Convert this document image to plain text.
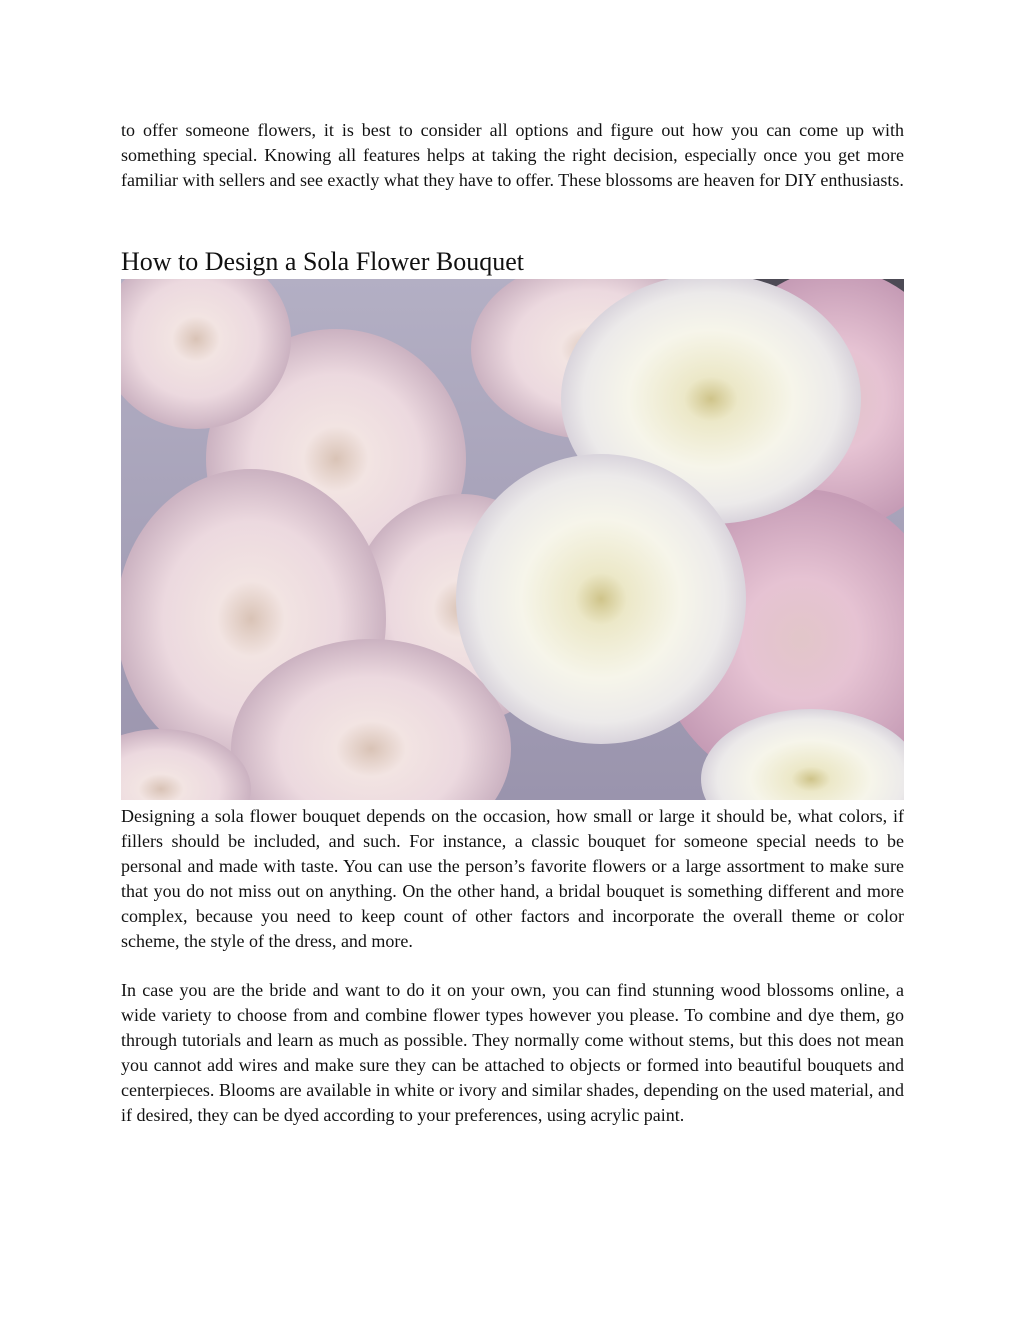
to offer someone flowers, it is best to consider all options and figure out how you can come up with something special. Knowing all features helps at taking the right decision, especially once you get more familiar with sellers and see exactly what they have to offer. These blossoms are heaven for DIY enthusiasts.

How to Design a Sola Flower Bouquet

Designing a sola flower bouquet depends on the occasion, how small or large it should be, what colors, if fillers should be included, and such. For instance, a classic bouquet for someone special needs to be personal and made with taste. You can use the person’s favorite flowers or a large assortment to make sure that you do not miss out on anything. On the other hand, a bridal bouquet is something different and more complex, because you need to keep count of other factors and incorporate the overall theme or color scheme, the style of the dress, and more.

In case you are the bride and want to do it on your own, you can find stunning wood blossoms online, a wide variety to choose from and combine flower types however you please. To combine and dye them, go through tutorials and learn as much as possible. They normally come without stems, but this does not mean you cannot add wires and make sure they can be attached to objects or formed into beautiful bouquets and centerpieces. Blooms are available in white or ivory and similar shades, depending on the used material, and if desired, they can be dyed according to your preferences, using acrylic paint.
